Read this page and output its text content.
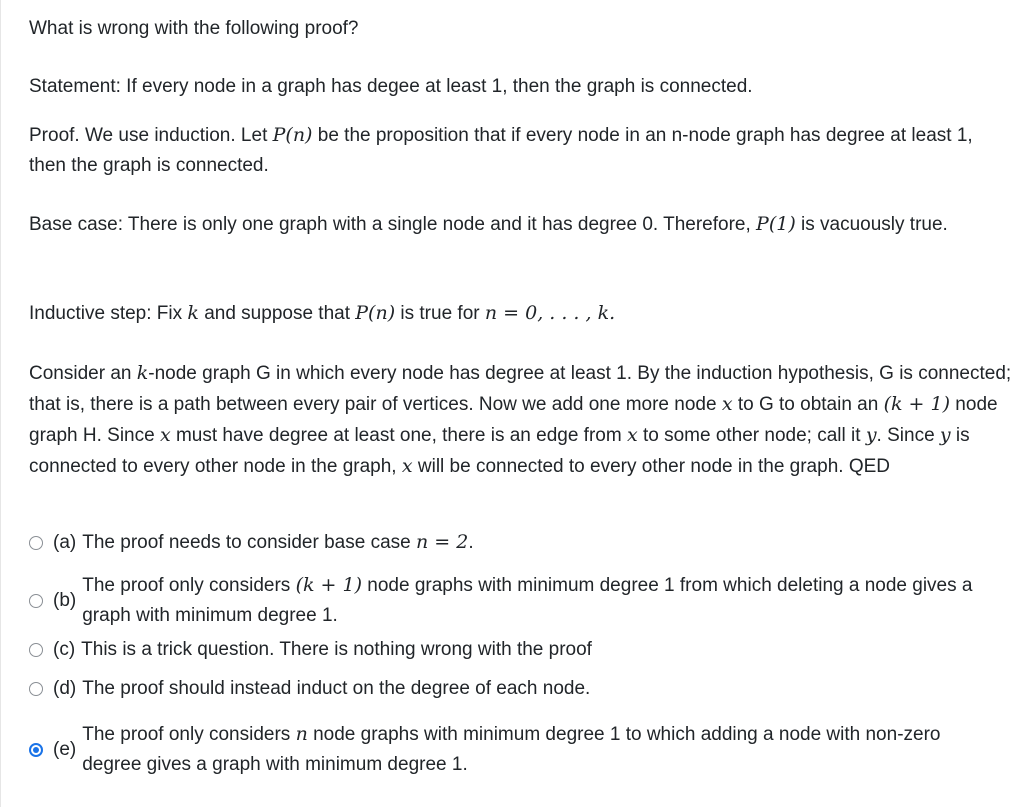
What is wrong with the following proof?

Statement: If every node in a graph has degee at least 1, then the graph is connected.

Proof. We use induction. Let P(n) be the proposition that if every node in an n-node graph has degree at least 1, then the graph is connected.

Base case: There is only one graph with a single node and it has degree 0. Therefore, P(1) is vacuously true.

Inductive step: Fix k and suppose that P(n) is true for n = 0, . . . , k.

Consider an k-node graph G in which every node has degree at least 1. By the induction hypothesis, G is connected; that is, there is a path between every pair of vertices. Now we add one more node x to G to obtain an (k + 1) node graph H. Since x must have degree at least one, there is an edge from x to some other node; call it y. Since y is connected to every other node in the graph, x will be connected to every other node in the graph. QED

(a) The proof needs to consider base case n = 2.
(b)
The proof only considers (k + 1) node graphs with minimum degree 1 from which deleting a node gives a graph with minimum degree 1.
(c) This is a trick question. There is nothing wrong with the proof
(d) The proof should instead induct on the degree of each node.
(e)
The proof only considers n node graphs with minimum degree 1 to which adding a node with non-zero degree gives a graph with minimum degree 1.
